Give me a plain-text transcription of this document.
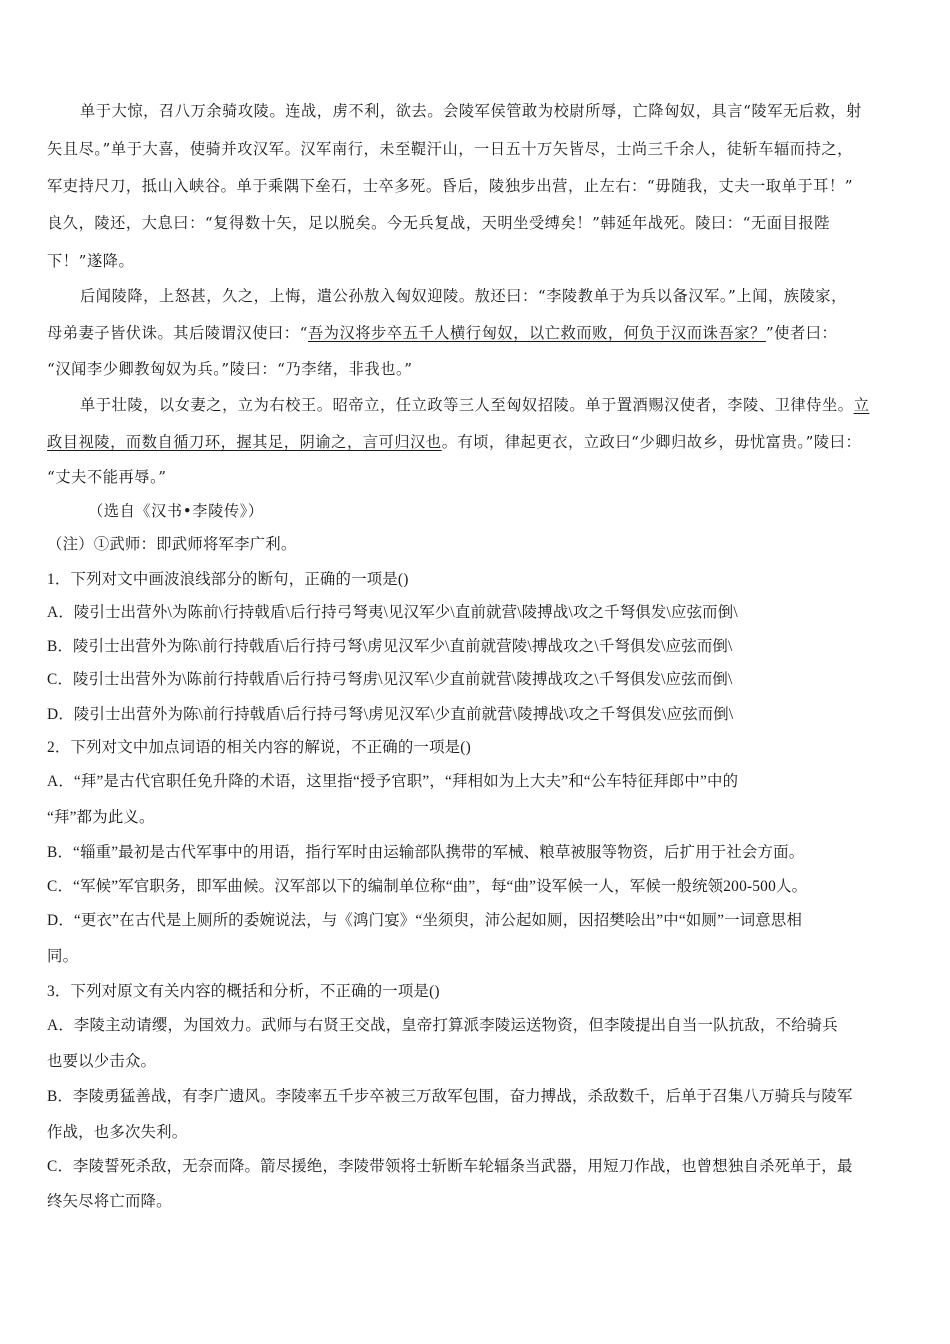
单于大惊，召八万余骑攻陵。连战，虏不利，欲去。会陵军侯管敢为校尉所辱，亡降匈奴，具言“陵军无后救，射

矢且尽。”单于大喜，使骑并攻汉军。汉军南行，未至鞮汗山，一日五十万矢皆尽，士尚三千余人，徒斩车辐而持之，

军吏持尺刀，抵山入峡谷。单于乘隅下垒石，士卒多死。昏后，陵独步出营，止左右：“毋随我，丈夫一取单于耳！”

良久，陵还，大息曰：“复得数十矢，足以脱矣。今无兵复战，天明坐受缚矣！”韩延年战死。陵曰：“无面目报陛

下！”遂降。

后闻陵降，上怒甚，久之，上悔，遣公孙敖入匈奴迎陵。敖还曰：“李陵教单于为兵以备汉军。”上闻，族陵家，

母弟妻子皆伏诛。其后陵谓汉使曰：“吾为汉将步卒五千人横行匈奴，以亡救而败，何负于汉而诛吾家？”使者曰：

“汉闻李少卿教匈奴为兵。”陵曰：“乃李绪，非我也。”

单于壮陵，以女妻之，立为右校王。昭帝立，任立政等三人至匈奴招陵。单于置酒赐汉使者，李陵、卫律侍坐。立

政目视陵，而数自循刀环，握其足，阴谕之，言可归汉也。有顷，律起更衣，立政曰“少卿归故乡，毋忧富贵。”陵曰：

“丈夫不能再辱。”

（选自《汉书•李陵传》）

（注）①武师：即武师将军李广利。

1．下列对文中画波浪线部分的断句，正确的一项是()

A．陵引士出营外\为陈前\行持戟盾\后行持弓弩夷\见汉军少\直前就营\陵搏战\攻之千弩俱发\应弦而倒\

B．陵引士出营外为陈\前行持戟盾\后行持弓弩\虏见汉军少\直前就营陵\搏战攻之\千弩俱发\应弦而倒\

C．陵引士出营外为\陈前行持戟盾\后行持弓弩虏\见汉军\少直前就营\陵搏战攻之\千弩俱发\应弦而倒\

D．陵引士出营外为陈\前行持戟盾\后行持弓弩\虏见汉军\少直前就营\陵搏战\攻之千弩俱发\应弦而倒\

2．下列对文中加点词语的相关内容的解说，不正确的一项是()

A．“拜”是古代官职任免升降的术语，这里指“授予官职”，“拜相如为上大夫”和“公车特征拜郎中”中的

“拜”都为此义。

B．“辎重”最初是古代军事中的用语，指行军时由运输部队携带的军械、粮草被服等物资，后扩用于社会方面。

C．“军候”军官职务，即军曲候。汉军部以下的编制单位称“曲”，每“曲”设军候一人，军候一般统领200-500人。

D．“更衣”在古代是上厕所的委婉说法，与《鸿门宴》“坐须臾，沛公起如厕，因招樊哙出”中“如厕”一词意思相

同。

3．下列对原文有关内容的概括和分析，不正确的一项是()

A．李陵主动请缨，为国效力。武师与右贤王交战，皇帝打算派李陵运送物资，但李陵提出自当一队抗敌，不给骑兵

也要以少击众。

B．李陵勇猛善战，有李广遗风。李陵率五千步卒被三万敌军包围，奋力搏战，杀敌数千，后单于召集八万骑兵与陵军

作战，也多次失利。

C．李陵誓死杀敌，无奈而降。箭尽援绝，李陵带领将士斩断车轮辐条当武器，用短刀作战，也曾想独自杀死单于，最

终矢尽将亡而降。
